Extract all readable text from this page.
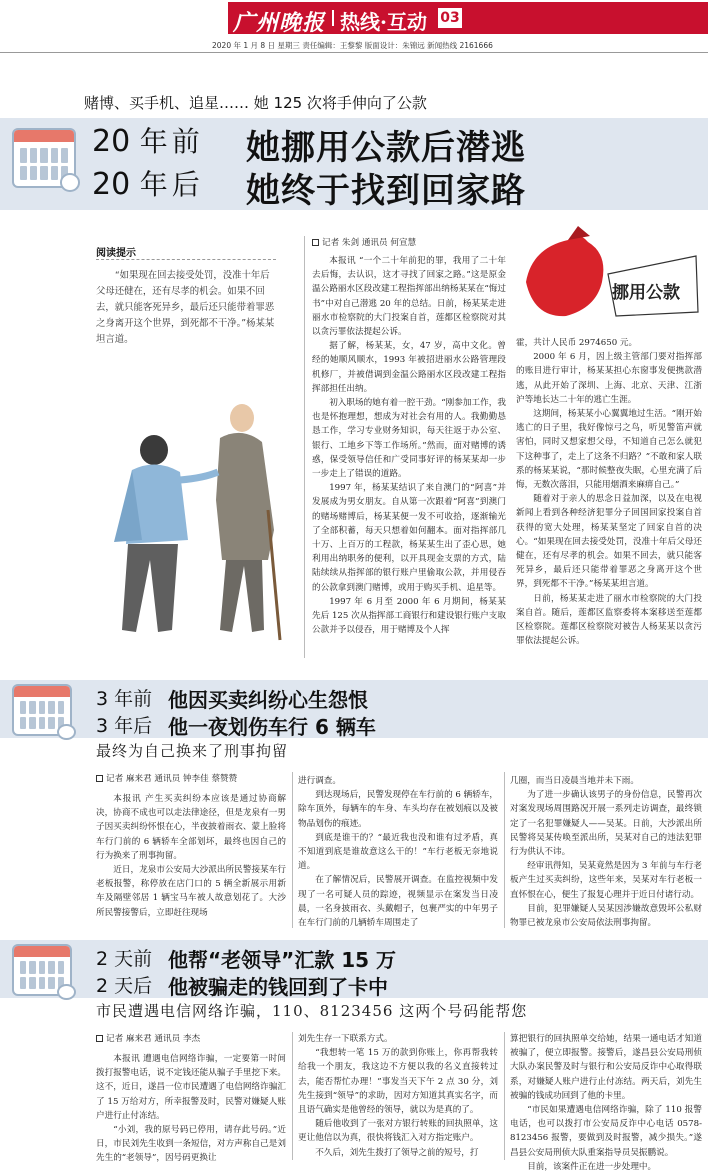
广州晚报 热线·互动 03
2020 年 1 月 8 日 星期三 责任编辑：王黎黎 版面设计：朱锦远 新闻热线 2161666
赌博、买手机、追星…… 她 125 次将手伸向了公款
20 年前 她挪用公款后潜逃
20 年后 她终于找到回家路
阅读提示

“如果现在回去接受处罚，没准十年后父母还健在，还有尽孝的机会。如果不回去，就只能客死异乡，最后还只能带着罪恶之身离开这个世界，到死都不干净。”杨某某坦言道。

记者 朱剑 通讯员 何宣慧

本报讯 “一个二十年前犯的罪，我用了二十年去后悔，去认识，这才寻找了回家之路。”这是原金温公路丽水区段改建工程指挥部出纳杨某某在“悔过书”中对自己潜逃 20 年的总结。日前，杨某某走进丽水市检察院的大门投案自首，莲都区检察院对其以贪污罪依法提起公诉。

据了解，杨某某，女，47 岁，高中文化。曾经的她顺风顺水，1993 年被招进丽水公路管理段机修厂，并被借调到金温公路丽水区段改建工程指挥部担任出纳。

初入职场的她有着一腔干劲。“刚参加工作，我也是怀抱理想，想成为对社会有用的人。我勤勤恳恳工作，学习专业财务知识，每天往返于办公室、银行、工地乡下等工作场所。”然而，面对赌博的诱惑，保受领导信任和广受同事好评的杨某某却一步一步走上了错误的道路。

1997 年，杨某某结识了来自澳门的“阿喜”并发展成为男女朋友。自从第一次跟着“阿喜”到澳门的赌场赌博后，杨某某便一发不可收拾，逐渐输光了全部积蓄，每天只想着如何翻本。面对指挥部几十万、上百万的工程款，杨某某生出了歪心思，她利用出纳职务的便利，以开具现金支票的方式，陆陆续续从指挥部的银行账户里偷取公款，并用侵吞的公款拿到澳门赌博，或用于购买手机、追星等。

1997 年 6 月至 2000 年 6 月期间，杨某某先后 125 次从指挥部工商银行和建设银行账户支取公款并予以侵吞，用于赌博及个人挥

挪用公款

霍，共计人民币 2974650 元。

2000 年 6 月，因上级主管部门要对指挥部的账目进行审计，杨某某担心东窗事发便携款潜逃，从此开始了深圳、上海、北京、天津、江浙沪等地长达二十年的逃亡生涯。

这期间，杨某某小心翼翼地过生活。“刚开始逃亡的日子里，我好像惊弓之鸟，听见警笛声就害怕，同时又想家想父母，不知道自己怎么就犯下这种事了，走上了这条不归路？”不敢和家人联系的杨某某说，“那时候整夜失眠，心里充满了后悔，无数次落泪，只能用烟酒来麻痹自己。”

随着对于亲人的思念日益加深，以及在电视新闻上看到各种经济犯罪分子回国回家投案自首获得的宽大处理，杨某某坚定了回家自首的决心。“如果现在回去接受处罚，没准十年后父母还健在，还有尽孝的机会。如果不回去，就只能客死异乡，最后还只能带着罪恶之身离开这个世界，到死都不干净。”杨某某坦言道。

日前，杨某某走进了丽水市检察院的大门投案自首。随后，莲都区监察委将本案移送至莲都区检察院。莲都区检察院对被告人杨某某以贪污罪依法提起公诉。

3 年前 他因买卖纠纷心生怨恨
3 年后 他一夜划伤车行 6 辆车
最终为自己换来了刑事拘留
记者 麻来君 通讯员 钟李佳 蔡赞赞

本报讯 产生买卖纠纷本应该是通过协商解决，协商不成也可以走法律途径，但是龙泉有一男子因买卖纠纷怀恨在心，半夜披着雨衣、蒙上脸将车行门前的 6 辆轿车全部划坏，最终也因自己的行为换来了刑事拘留。

近日，龙泉市公安局大沙派出所民警接某车行老板报警，称停放在店门口的 5 辆全新展示用新车及隔壁邻居 1 辆宝马车被人故意划花了。大沙所民警接警后，立即赶往现场

进行调查。

到达现场后，民警发现停在车行前的 6 辆轿车，除车顶外，每辆车的车身、车头均存在被划痕以及被物品划伤的痕迹。

到底是谁干的？“最近我也没和谁有过矛盾，真不知道到底是谁故意这么干的！”车行老板无奈地说道。

在了解情况后，民警展开调查。在监控视频中发现了一名可疑人员的踪迹，视频显示在案发当日凌晨，一名身披雨衣、头戴帽子，包裹严实的中年男子在车行门前的几辆轿车周围走了

几圈，而当日凌晨当地并未下雨。

为了进一步确认该男子的身份信息，民警再次对案发现场周围路况开展一系列走访调查，最终锁定了一名犯罪嫌疑人——吴某。日前，大沙派出所民警将吴某传唤至派出所，吴某对自己的违法犯罪行为供认不讳。

经审讯得知，吴某竟然是因为 3 年前与车行老板产生过买卖纠纷，这些年来，吴某对车行老板一直怀恨在心，便生了报复心理并于近日付诸行动。

目前，犯罪嫌疑人吴某因涉嫌故意毁坏公私财物罪已被龙泉市公安局依法刑事拘留。

2 天前 他帮“老领导”汇款 15 万
2 天后 他被骗走的钱回到了卡中
市民遭遇电信网络诈骗，110、8123456 这两个号码能帮您
记者 麻来君 通讯员 李杰

本报讯 遭遇电信网络诈骗，一定要第一时间拨打报警电话，说不定钱还能从骗子手里挖下来。这不，近日，遂昌一位市民遭遇了电信网络诈骗汇了 15 万给对方，所幸报警及时，民警对嫌疑人账户进行止付冻结。

“小刘，我的原号码已停用，请存此号码。”近日，市民刘先生收到一条短信，对方声称自己是刘先生的“老领导”，因号码更换让

刘先生存一下联系方式。

“我想转一笔 15 万的款到你账上，你再帮我转给我一个朋友，我这边不方便以我的名义直接转过去，能否帮忙办理！”事发当天下午 2 点 30 分，刘先生接到“领导”的求助，因对方知道其真实名字，而且语气确实是他曾经的领导，就以为是真的了。

随后他收到了一张对方银行转账的回执照单，这更让他信以为真，很快将钱汇入对方指定账户。

不久后，刘先生拨打了领导之前的短号，打

算把银行的回执照单交给她，结果一通电话才知道被骗了，便立即报警。接警后，遂昌县公安局刑侦大队办案民警及时与银行和公安局反诈中心取得联系，对嫌疑人账户进行止付冻结。两天后，刘先生被骗的钱成功回到了他的卡里。

“市民如果遭遇电信网络诈骗，除了 110 报警电话，也可以拨打市公安局反诈中心电话 0578-8123456 报警，要做到及时报警，减少损失。”遂昌县公安局刑侦大队重案指导员吴振鹏说。

目前，该案件正在进一步处理中。
